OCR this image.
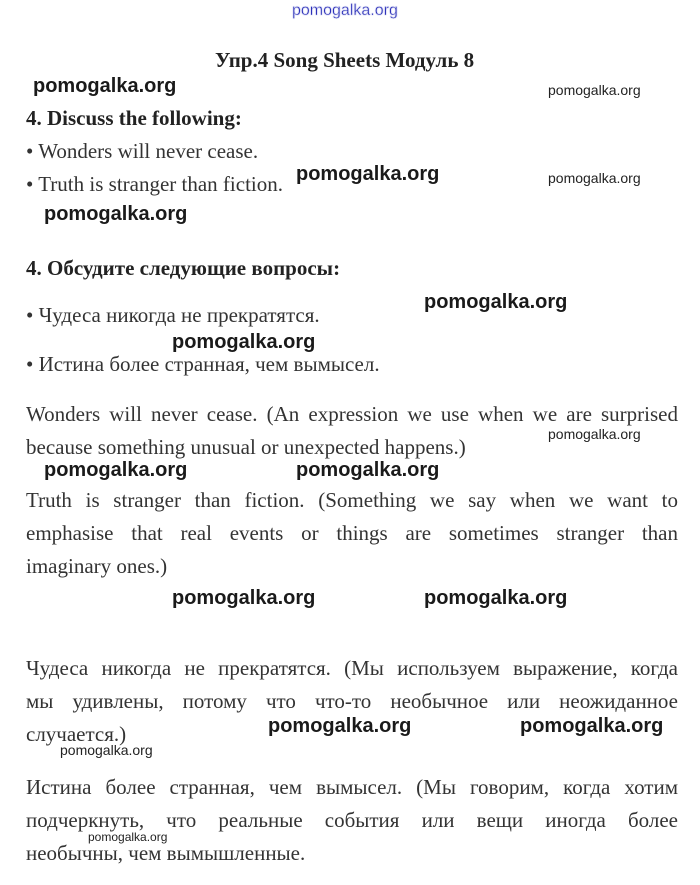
pomogalka.org
Упр.4 Song Sheets Модуль 8
4. Discuss the following:
• Wonders will never cease.
• Truth is stranger than fiction.
4. Обсудите следующие вопросы:
• Чудеса никогда не прекратятся.
• Истина более странная, чем вымысел.
Wonders will never cease. (An expression we use when we are surprised
because something unusual or unexpected happens.)
Truth is stranger than fiction. (Something we say when we want to
emphasise that real events or things are sometimes stranger than
imaginary ones.)
Чудеса никогда не прекратятся. (Мы используем выражение, когда
мы удивлены, потому что что-то необычное или неожиданное
случается.)
Истина более странная, чем вымысел. (Мы говорим, когда хотим
подчеркнуть, что реальные события или вещи иногда более
необычны, чем вымышленные.
pomogalka.org
pomogalka.org
pomogalka.org
pomogalka.org
pomogalka.org
pomogalka.org	pomogalka.org
pomogalka.org	pomogalka.org
pomogalka.org	pomogalka.org
pomogalka.org
pomogalka.org
pomogalka.org
pomogalka.org
pomogalka.org
